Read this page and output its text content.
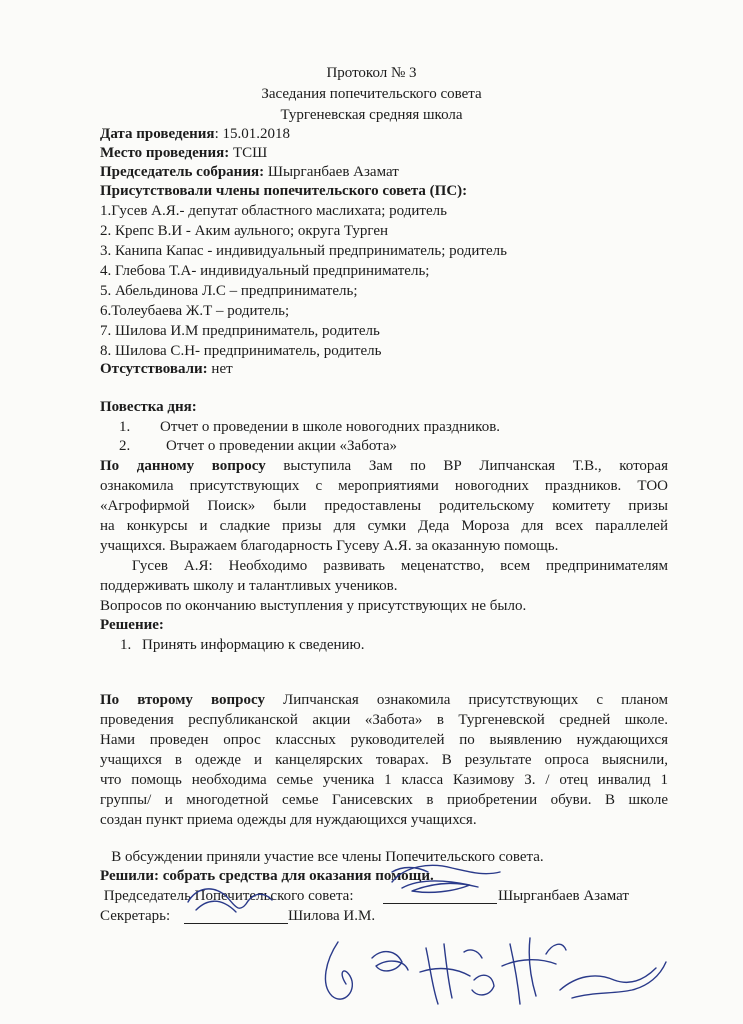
Протокол № 3
Заседания попечительского совета
Тургеневская средняя школа
Дата проведения: 15.01.2018
Место проведения: ТСШ
Председатель собрания: Шырганбаев Азамат
Присутствовали члены попечительского совета (ПС):
1.Гусев А.Я.- депутат областного маслихата; родитель
2. Крепс В.И - Аким аульного; округа Турген
3. Канипа Капас - индивидуальный предприниматель; родитель
4. Глебова Т.А- индивидуальный предприниматель;
5. Абельдинова Л.С – предприниматель;
6.Толеубаева Ж.Т – родитель;
7. Шилова И.М предприниматель, родитель
8. Шилова С.Н- предприниматель, родитель
Отсутствовали: нет
Повестка дня:
1. Отчет о проведении в школе новогодних праздников.
2. Отчет о проведении акции «Забота»
По данному вопросу выступила Зам по ВР Липчанская Т.В., которая
ознакомила присутствующих с мероприятиями новогодних праздников. ТОО
«Агрофирмой Поиск» были предоставлены родительскому комитету призы
на конкурсы и сладкие призы для сумки Деда Мороза для всех параллелей
учащихся. Выражаем благодарность Гусеву А.Я. за оказанную помощь.
Гусев А.Я: Необходимо развивать меценатство, всем предпринимателям
поддерживать школу и талантливых учеников.
Вопросов по окончанию выступления у присутствующих не было.
Решение:
1. Принять информацию к сведению.
По второму вопросу Липчанская ознакомила присутствующих с планом
проведения республиканской акции «Забота» в Тургеневской средней школе.
Нами проведен опрос классных руководителей по выявлению нуждающихся
учащихся в одежде и канцелярских товарах. В результате опроса выяснили,
что помощь необходима семье ученика 1 класса Казимову З. / отец инвалид 1
группы/ и многодетной семье Ганисевских в приобретении обуви. В школе
создан пункт приема одежды для нуждающихся учащихся.
В обсуждении приняли участие все члены Попечительского совета.
Решили: собрать средства для оказания помощи.
Председатель Попечительского совета:	Шырганбаев Азамат
Секретарь:	Шилова И.М.
